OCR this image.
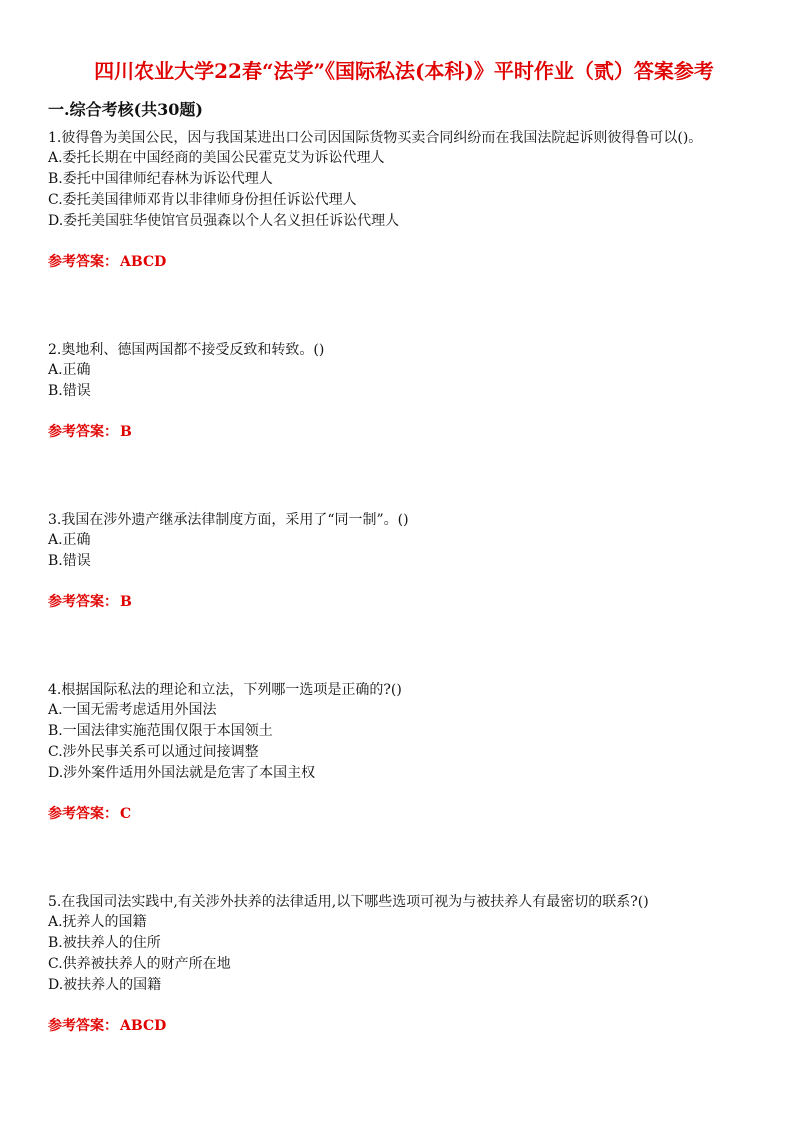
四川农业大学22春“法学”《国际私法(本科)》平时作业（贰）答案参考
一.综合考核(共30题)

1.彼得鲁为美国公民，因与我国某进出口公司因国际货物买卖合同纠纷而在我国法院起诉则彼得鲁可以()。

A.委托长期在中国经商的美国公民霍克艾为诉讼代理人

B.委托中国律师纪春林为诉讼代理人

C.委托美国律师邓肯以非律师身份担任诉讼代理人

D.委托美国驻华使馆官员强森以个人名义担任诉讼代理人

参考答案： ABCD

2.奥地利、德国两国都不接受反致和转致。()

A.正确

B.错误

参考答案： B

3.我国在涉外遗产继承法律制度方面，采用了“同一制”。()

A.正确

B.错误

参考答案： B

4.根据国际私法的理论和立法，下列哪一选项是正确的?()

A.一国无需考虑适用外国法

B.一国法律实施范围仅限于本国领土

C.涉外民事关系可以通过间接调整

D.涉外案件适用外国法就是危害了本国主权

参考答案： C

5.在我国司法实践中,有关涉外扶养的法律适用,以下哪些选项可视为与被扶养人有最密切的联系?()

A.抚养人的国籍

B.被扶养人的住所

C.供养被扶养人的财产所在地

D.被扶养人的国籍

参考答案： ABCD
